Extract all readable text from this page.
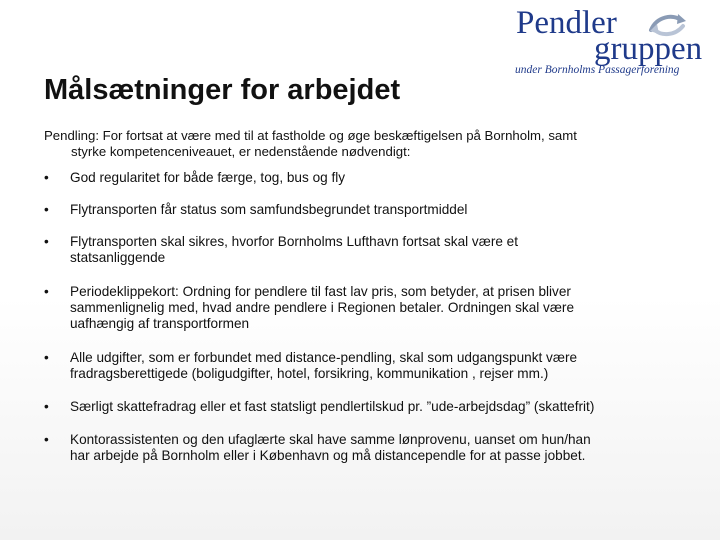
Pendler
gruppen
under Bornholms Passagerforening
Målsætninger for arbejdet
Pendling: For fortsat at være med til at fastholde og øge beskæftigelsen på Bornholm, samt
styrke kompetenceniveauet, er nedenstående nødvendigt:
•	God regularitet for både færge, tog, bus og fly
•	Flytransporten får status som samfundsbegrundet transportmiddel
•	Flytransporten skal sikres, hvorfor Bornholms Lufthavn fortsat skal være et
statsanliggende
•	Periodeklippekort: Ordning for pendlere til fast lav pris, som betyder, at prisen bliver
sammenlignelig med, hvad andre pendlere i Regionen betaler. Ordningen skal være
uafhængig af transportformen
•	Alle udgifter, som er forbundet med distance-pendling, skal som udgangspunkt være
fradragsberettigede (boligudgifter, hotel, forsikring, kommunikation , rejser mm.)
•	Særligt skattefradrag eller et fast statsligt pendlertilskud pr. ”ude-arbejdsdag” (skattefrit)
•	Kontorassistenten og den ufaglærte skal have samme lønprovenu, uanset om hun/han
har arbejde på Bornholm eller i København og må distancependle for at passe jobbet.
